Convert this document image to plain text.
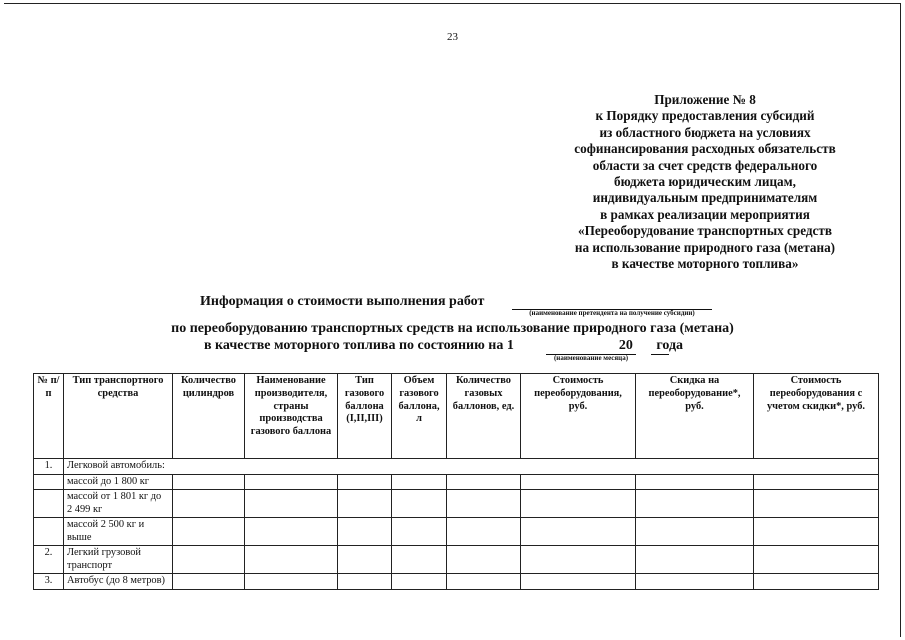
23
Приложение № 8
к Порядку предоставления субсидий
из областного бюджета на условиях
софинансирования расходных обязательств
области за счет средств федерального
бюджета юридическим лицам,
индивидуальным предпринимателям
в рамках реализации мероприятия
«Переоборудование транспортных средств
на использование природного газа (метана)
в качестве моторного топлива»
Информация о стоимости выполнения работ
(наименование претендента на получение субсидии)
по переоборудованию транспортных средств на использование природного газа (метана)
в качестве моторного топлива по состоянию на 1	20 года
(наименование месяца)
№ п/п	Тип транспортного средства	Количество цилиндров	Наименование производителя, страны производства газового баллона	Тип газового баллона (I,II,III)	Объем газового баллона, л	Количество газовых баллонов, ед.	Стоимость переоборудования, руб.	Скидка на переоборудование*, руб.	Стоимость переоборудования с учетом скидки*, руб.
1.	Легковой автомобиль:								
	массой до 1 800 кг								
	массой от 1 801 кг до 2 499 кг								
	массой 2 500 кг и выше								
2.	Легкий грузовой транспорт								
3.	Автобус (до 8 метров)								
